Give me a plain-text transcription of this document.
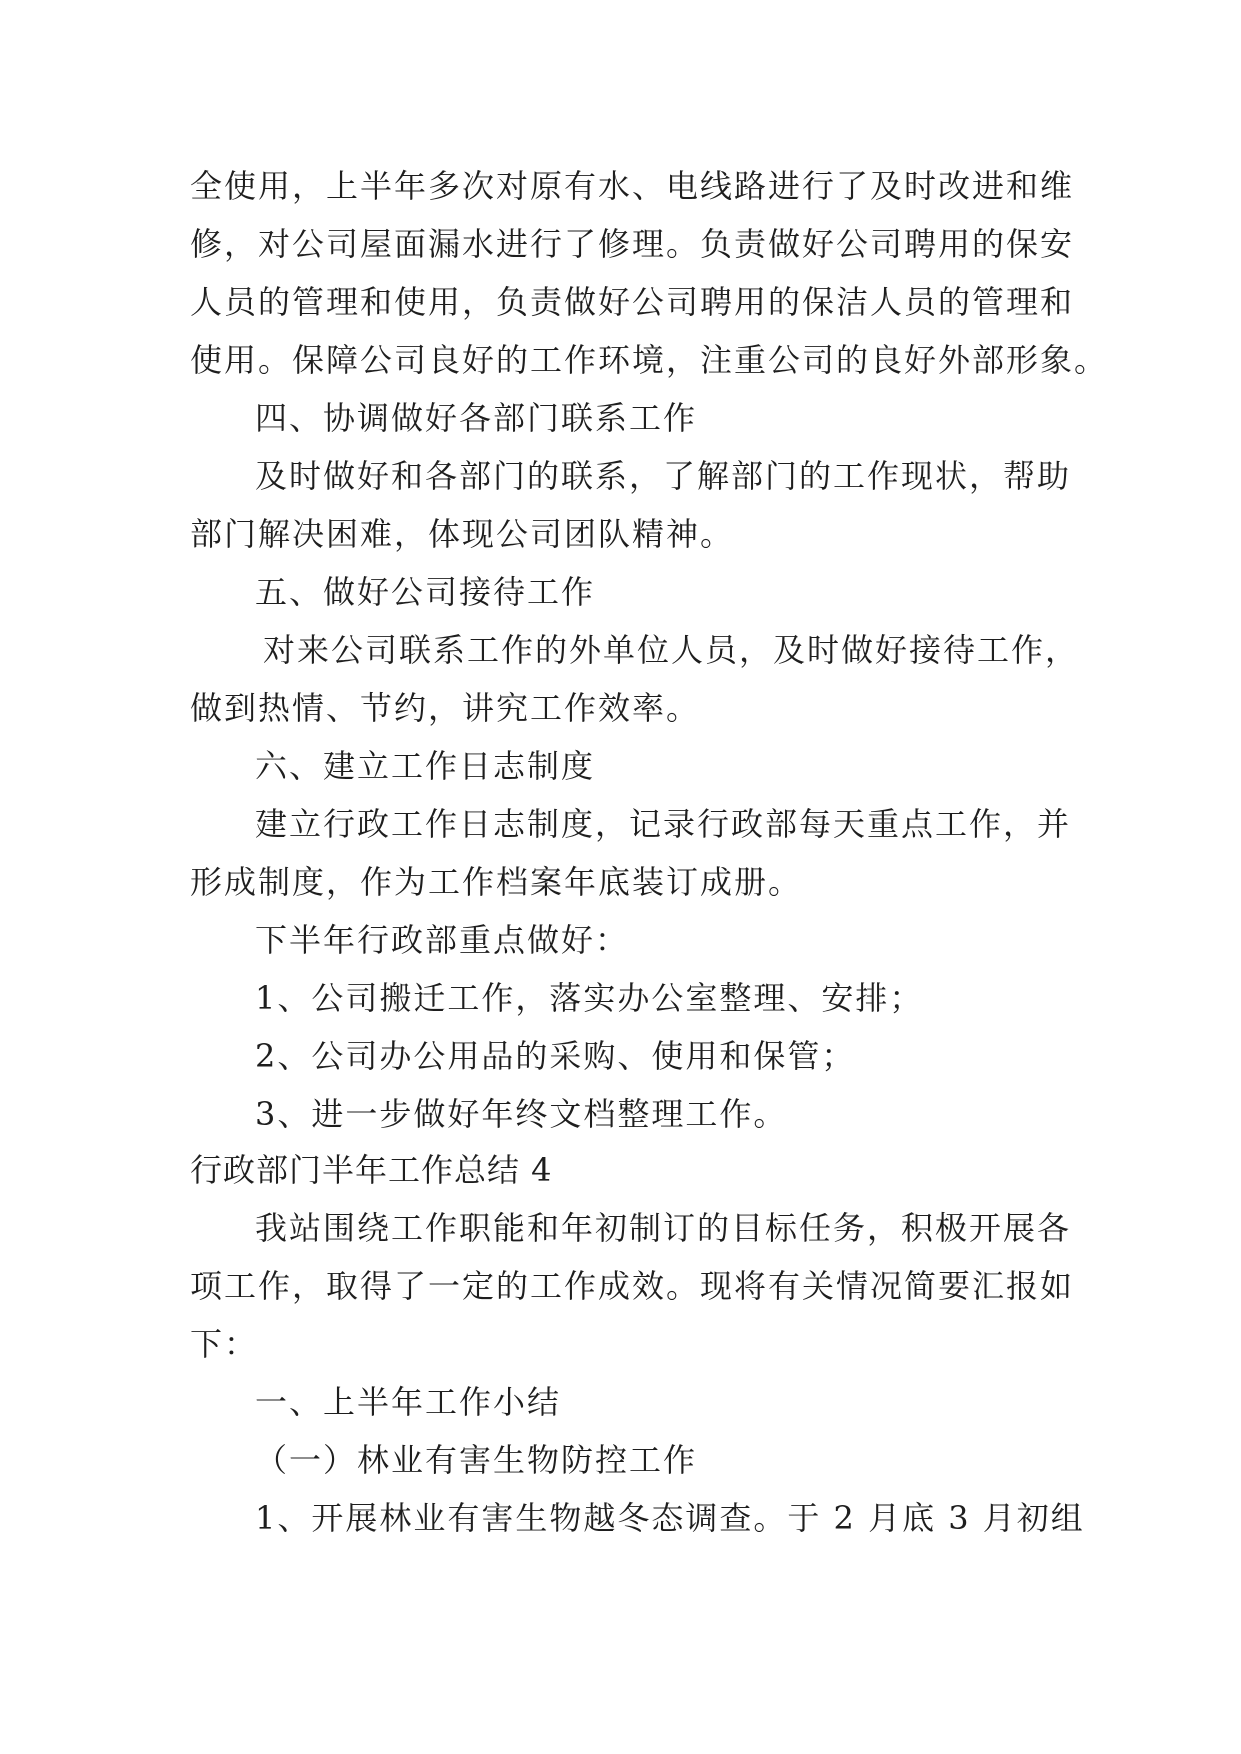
全使用，上半年多次对原有水、电线路进行了及时改进和维
修，对公司屋面漏水进行了修理。负责做好公司聘用的保安
人员的管理和使用，负责做好公司聘用的保洁人员的管理和
使用。保障公司良好的工作环境，注重公司的良好外部形象。
四、协调做好各部门联系工作
及时做好和各部门的联系，了解部门的工作现状，帮助
部门解决困难，体现公司团队精神。
五、做好公司接待工作
对来公司联系工作的外单位人员，及时做好接待工作，
做到热情、节约，讲究工作效率。
六、建立工作日志制度
建立行政工作日志制度，记录行政部每天重点工作，并
形成制度，作为工作档案年底装订成册。
下半年行政部重点做好：
1、公司搬迁工作，落实办公室整理、安排；
2、公司办公用品的采购、使用和保管；
3、进一步做好年终文档整理工作。
行政部门半年工作总结 4
我站围绕工作职能和年初制订的目标任务，积极开展各
项工作，取得了一定的工作成效。现将有关情况简要汇报如
下：
一、上半年工作小结
（一）林业有害生物防控工作
1、开展林业有害生物越冬态调查。于 2 月底 3 月初组
